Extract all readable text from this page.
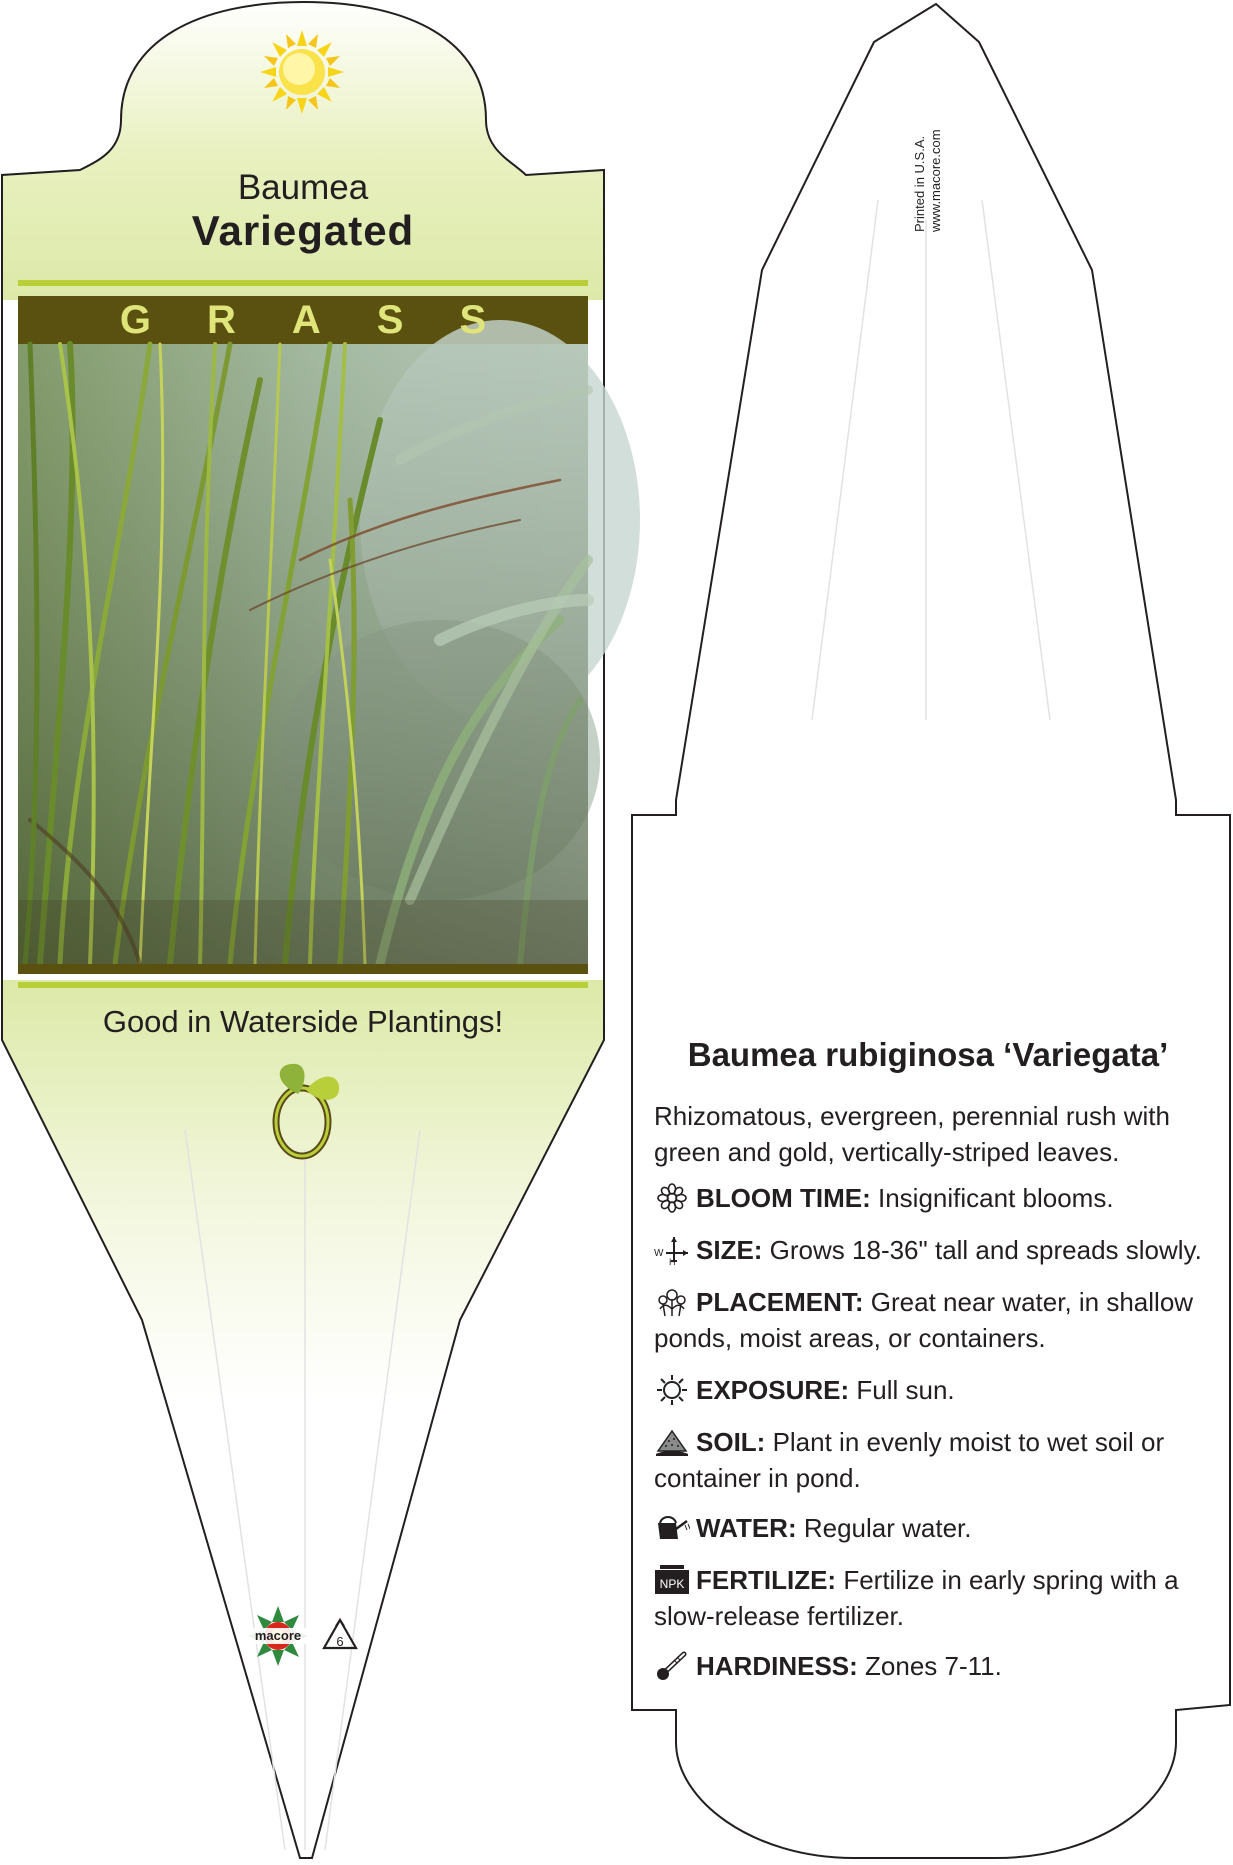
Baumea
Variegated
GRASS
Good in Waterside Plantings!
macore	6
Printed in U.S.A. www.macore.com
Baumea rubiginosa ‘Variegata’
Rhizomatous, evergreen, perennial rush with green and gold, vertically-striped leaves.
BLOOM TIME: Insignificant blooms.
W
H SIZE: Grows 18-36" tall and spreads slowly.
PLACEMENT: Great near water, in shallow ponds, moist areas, or containers.
EXPOSURE: Full sun.
SOIL: Plant in evenly moist to wet soil or container in pond.
WATER: Regular water.
NPK FERTILIZE: Fertilize in early spring with a slow-release fertilizer.
HARDINESS: Zones 7-11.
